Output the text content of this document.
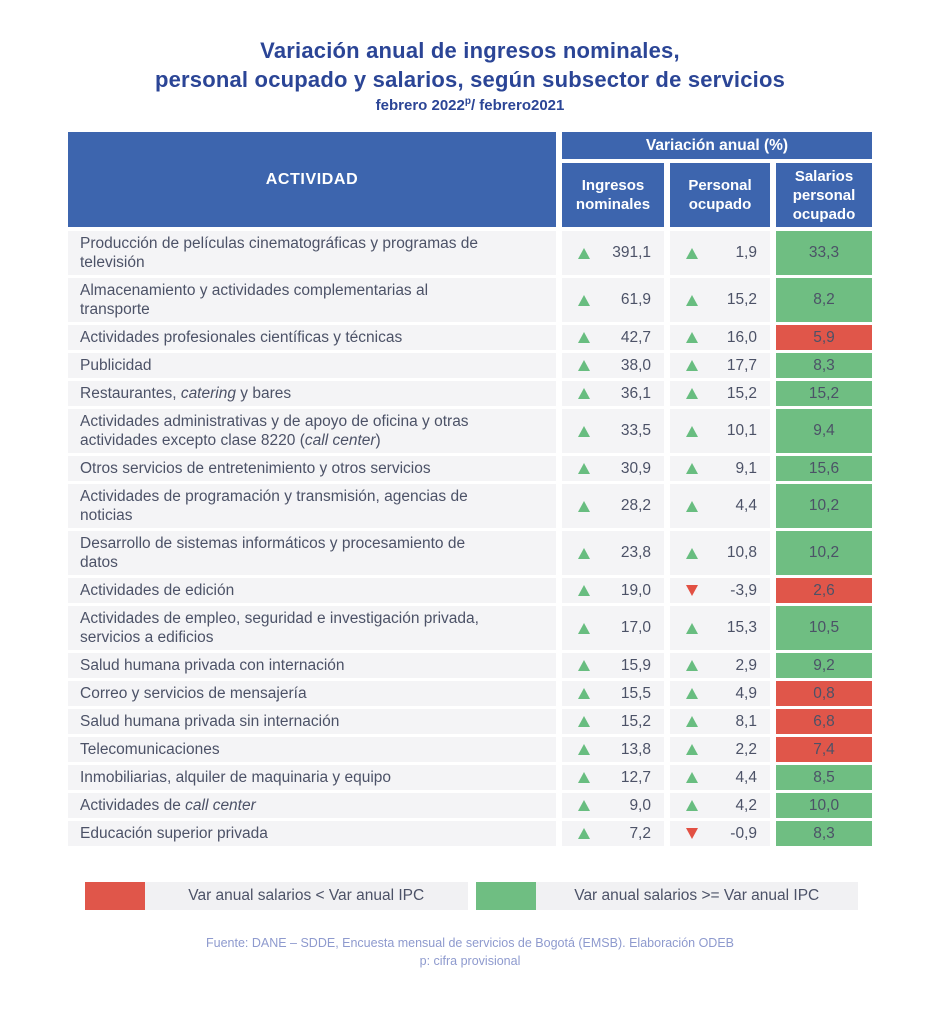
Variación anual de ingresos nominales,
personal ocupado y salarios, según subsector de servicios
febrero 2022$^p$/ febrero2021
ACTIVIDAD
Variación anual (%)
Ingresos nominales
Personal ocupado
Salarios personal ocupado
Producción de películas cinematográficas y programas de
televisión
391,1	1,9	33,3
Almacenamiento y actividades complementarias al
transporte
61,9	15,2	8,2
Actividades profesionales científicas y técnicas	42,7	16,0	5,9
Publicidad	38,0	17,7	8,3
Restaurantes, catering y bares	36,1	15,2	15,2
Actividades administrativas y de apoyo de oficina y otras
actividades excepto clase 8220 (call center)
33,5	10,1	9,4
Otros servicios de entretenimiento y otros servicios	30,9	9,1	15,6
Actividades de programación y transmisión, agencias de
noticias
28,2	4,4	10,2
Desarrollo de sistemas informáticos y procesamiento de
datos
23,8	10,8	10,2
Actividades de edición	19,0	-3,9	2,6
Actividades de empleo, seguridad e investigación privada,
servicios a edificios
17,0	15,3	10,5
Salud humana privada con internación	15,9	2,9	9,2
Correo y servicios de mensajería	15,5	4,9	0,8
Salud humana privada sin internación	15,2	8,1	6,8
Telecomunicaciones	13,8	2,2	7,4
Inmobiliarias, alquiler de maquinaria y equipo	12,7	4,4	8,5
Actividades de call center	9,0	4,2	10,0
Educación superior privada	7,2	-0,9	8,3
Var anual salarios < Var anual IPC	Var anual salarios >= Var anual IPC
Fuente: DANE – SDDE, Encuesta mensual de servicios de Bogotá (EMSB). Elaboración ODEB
p: cifra provisional
